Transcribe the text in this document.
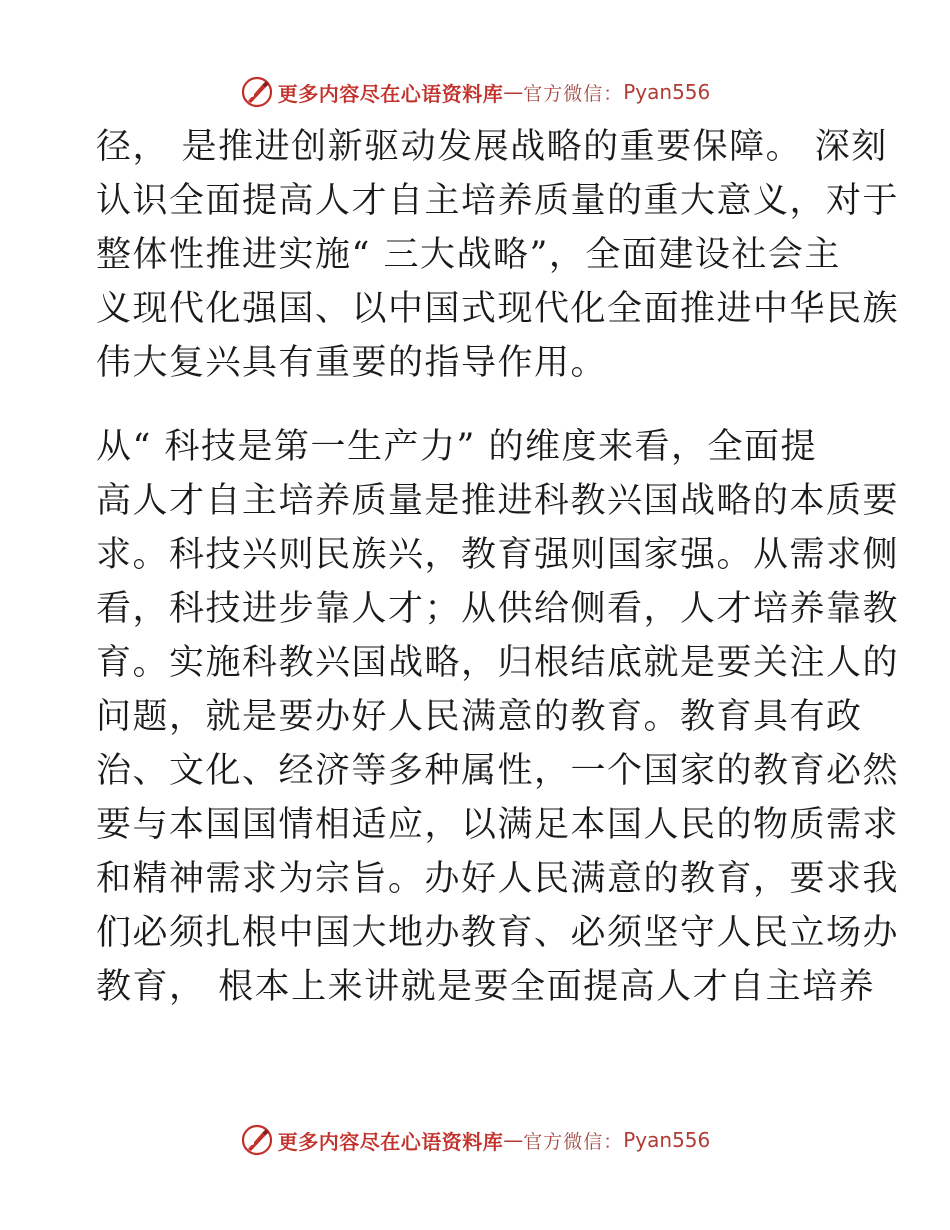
更多内容尽在心语资料库 — 官方微信： Pyan556
径， 是推进创新驱动发展战略的重要保障。 深刻
认识全面提高人才自主培养质量的重大意义，对于
整体性推进实施“ 三大战略”，全面建设社会主
义现代化强国、以中国式现代化全面推进中华民族
伟大复兴具有重要的指导作用。
从“ 科技是第一生产力” 的维度来看，全面提
高人才自主培养质量是推进科教兴国战略的本质要
求。科技兴则民族兴，教育强则国家强。从需求侧
看，科技进步靠人才；从供给侧看，人才培养靠教
育。实施科教兴国战略，归根结底就是要关注人的
问题，就是要办好人民满意的教育。教育具有政
治、文化、经济等多种属性，一个国家的教育必然
要与本国国情相适应，以满足本国人民的物质需求
和精神需求为宗旨。办好人民满意的教育，要求我
们必须扎根中国大地办教育、必须坚守人民立场办
教育， 根本上来讲就是要全面提高人才自主培养
更多内容尽在心语资料库 — 官方微信： Pyan556
